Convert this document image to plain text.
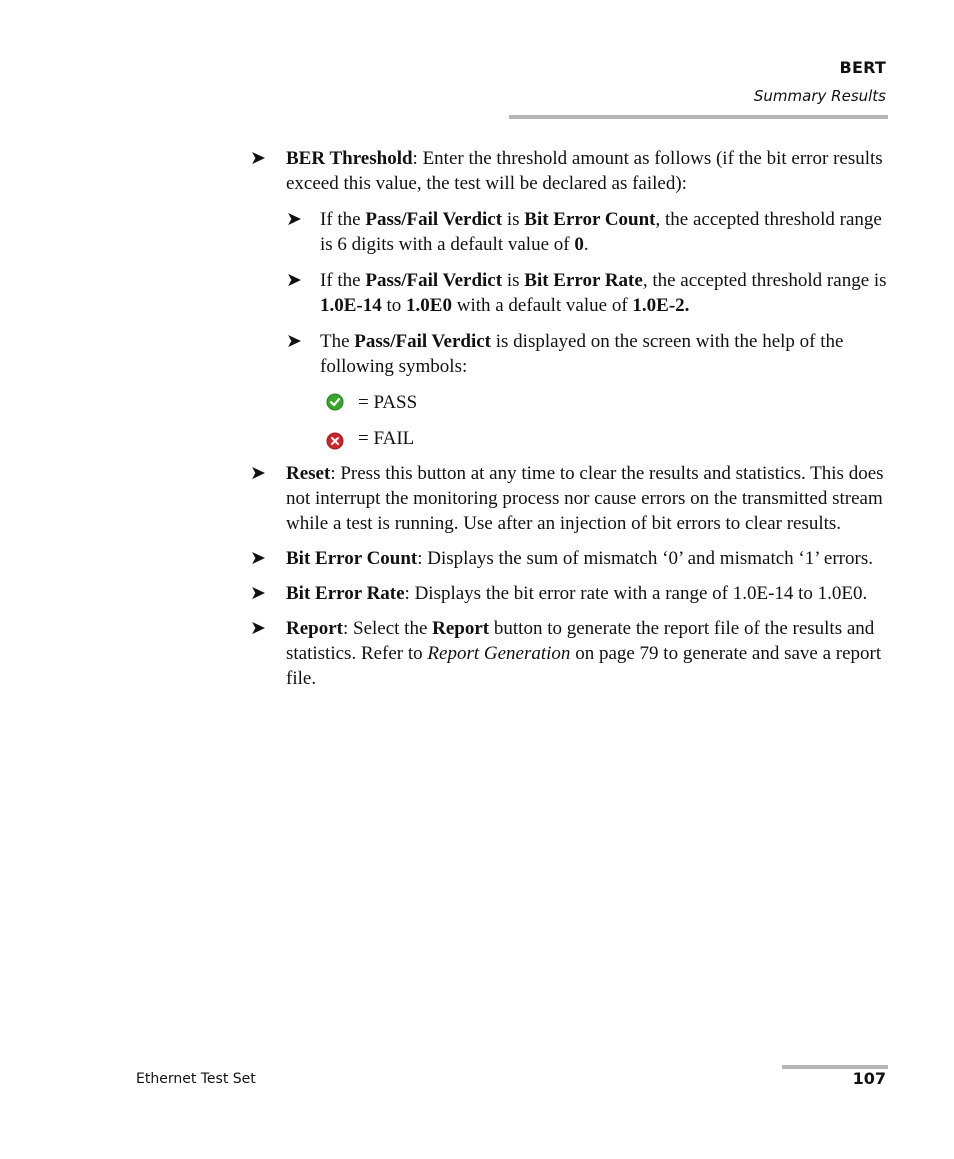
BERT
Summary Results
➤ BER Threshold: Enter the threshold amount as follows (if the bit error results exceed this value, the test will be declared as failed):
➤ If the Pass/Fail Verdict is Bit Error Count, the accepted threshold range is 6 digits with a default value of 0.
➤ If the Pass/Fail Verdict is Bit Error Rate, the accepted threshold range is 1.0E-14 to 1.0E0 with a default value of 1.0E-2.
➤ The Pass/Fail Verdict is displayed on the screen with the help of the following symbols:
= PASS
= FAIL
➤ Reset: Press this button at any time to clear the results and statistics. This does not interrupt the monitoring process nor cause errors on the transmitted stream while a test is running. Use after an injection of bit errors to clear results.
➤ Bit Error Count: Displays the sum of mismatch ‘0’ and mismatch ‘1’ errors.
➤ Bit Error Rate: Displays the bit error rate with a range of 1.0E-14 to 1.0E0.
➤ Report: Select the Report button to generate the report file of the results and statistics. Refer to Report Generation on page 79 to generate and save a report file.
Ethernet Test Set	107
